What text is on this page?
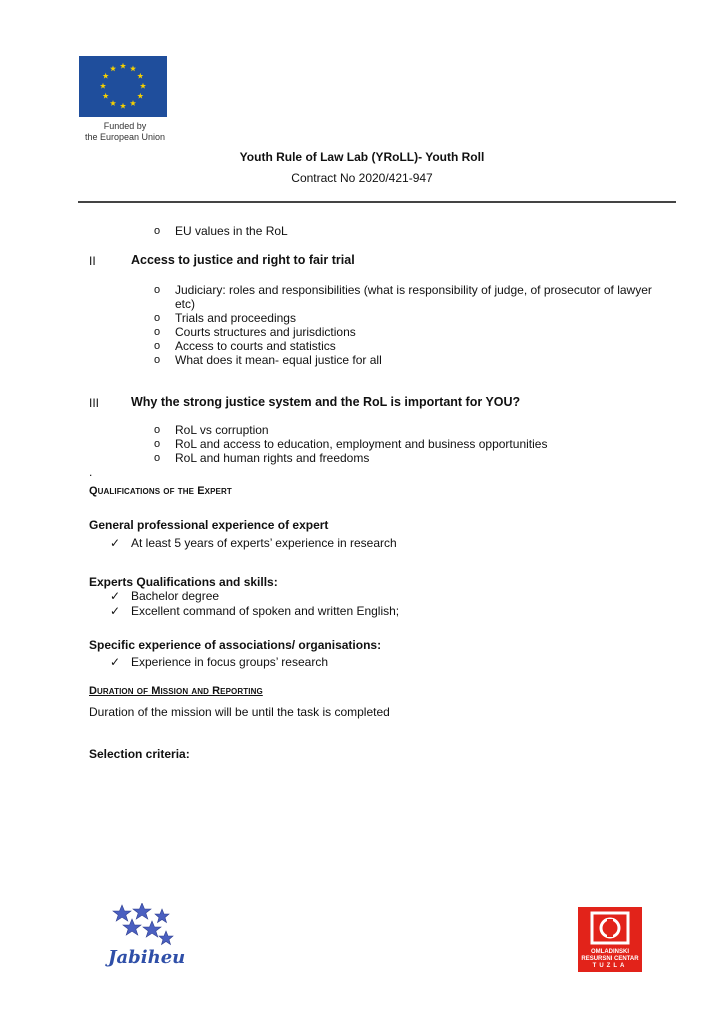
Funded by
the European Union
Youth Rule of Law Lab (YRoLL)- Youth Roll
Contract No 2020/421-947
o EU values in the RoL
II	Access to justice and right to fair trial
o Judiciary: roles and responsibilities (what is responsibility of judge, of prosecutor of lawyer etc)
o Trials and proceedings
o Courts structures and jurisdictions
o Access to courts and statistics
o What does it mean- equal justice for all
III	Why the strong justice system and the RoL is important for YOU?
o RoL vs corruption
o RoL and access to education, employment and business opportunities
o RoL and human rights and freedoms
.
Qualifications of the Expert
General professional experience of expert
✓ At least 5 years of experts’ experience in research
Experts Qualifications and skills:
✓ Bachelor degree
✓ Excellent command of spoken and written English;
Specific experience of associations/ organisations:
✓ Experience in focus groups’ research
Duration of Mission and Reporting
Duration of the mission will be until the task is completed
Selection criteria:
Jabiheu	OMLADINSKI
RESURSNI CENTAR
TUZLA
